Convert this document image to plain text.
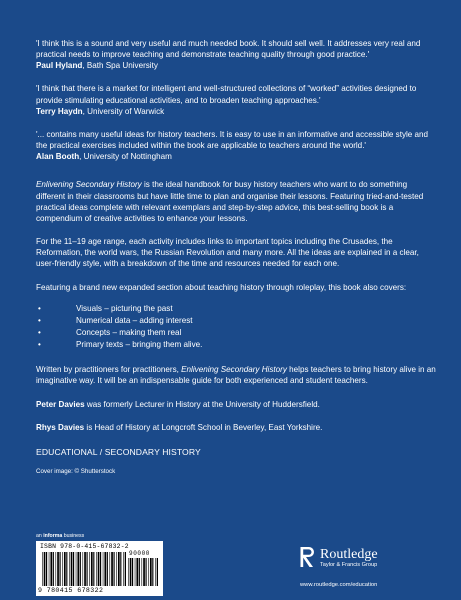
'I think this is a sound and very useful and much needed book. It should sell well. It addresses very real and practical needs to improve teaching and demonstrate teaching quality through good practice.'
Paul Hyland, Bath Spa University
'I think that there is a market for intelligent and well-structured collections of “worked” activities designed to provide stimulating educational activities, and to broaden teaching approaches.'
Terry Haydn, University of Warwick
'... contains many useful ideas for history teachers. It is easy to use in an informative and accessible style and the practical exercises included within the book are applicable to teachers around the world.'
Alan Booth, University of Nottingham

Enlivening Secondary History is the ideal handbook for busy history teachers who want to do something different in their classrooms but have little time to plan and organise their lessons. Featuring tried-and-tested practical ideas complete with relevant exemplars and step-by-step advice, this best-selling book is a compendium of creative activities to enhance your lessons.

For the 11–19 age range, each activity includes links to important topics including the Crusades, the Reformation, the world wars, the Russian Revolution and many more. All the ideas are explained in a clear, user-friendly style, with a breakdown of the time and resources needed for each one.

Featuring a brand new expanded section about teaching history through roleplay, this book also covers:

•	Visuals – picturing the past
•	Numerical data – adding interest
•	Concepts – making them real
•	Primary texts – bringing them alive.

Written by practitioners for practitioners, Enlivening Secondary History helps teachers to bring history alive in an imaginative way. It will be an indispensable guide for both experienced and student teachers.

Peter Davies was formerly Lecturer in History at the University of Huddersfield.

Rhys Davies is Head of History at Longcroft School in Beverley, East Yorkshire.

EDUCATIONAL / SECONDARY HISTORY
Cover image: © Shutterstock
an informa business
ISBN 978-0-415-67832-2
90000
9 780415 678322
Routledge
Taylor & Francis Group
www.routledge.com/education
